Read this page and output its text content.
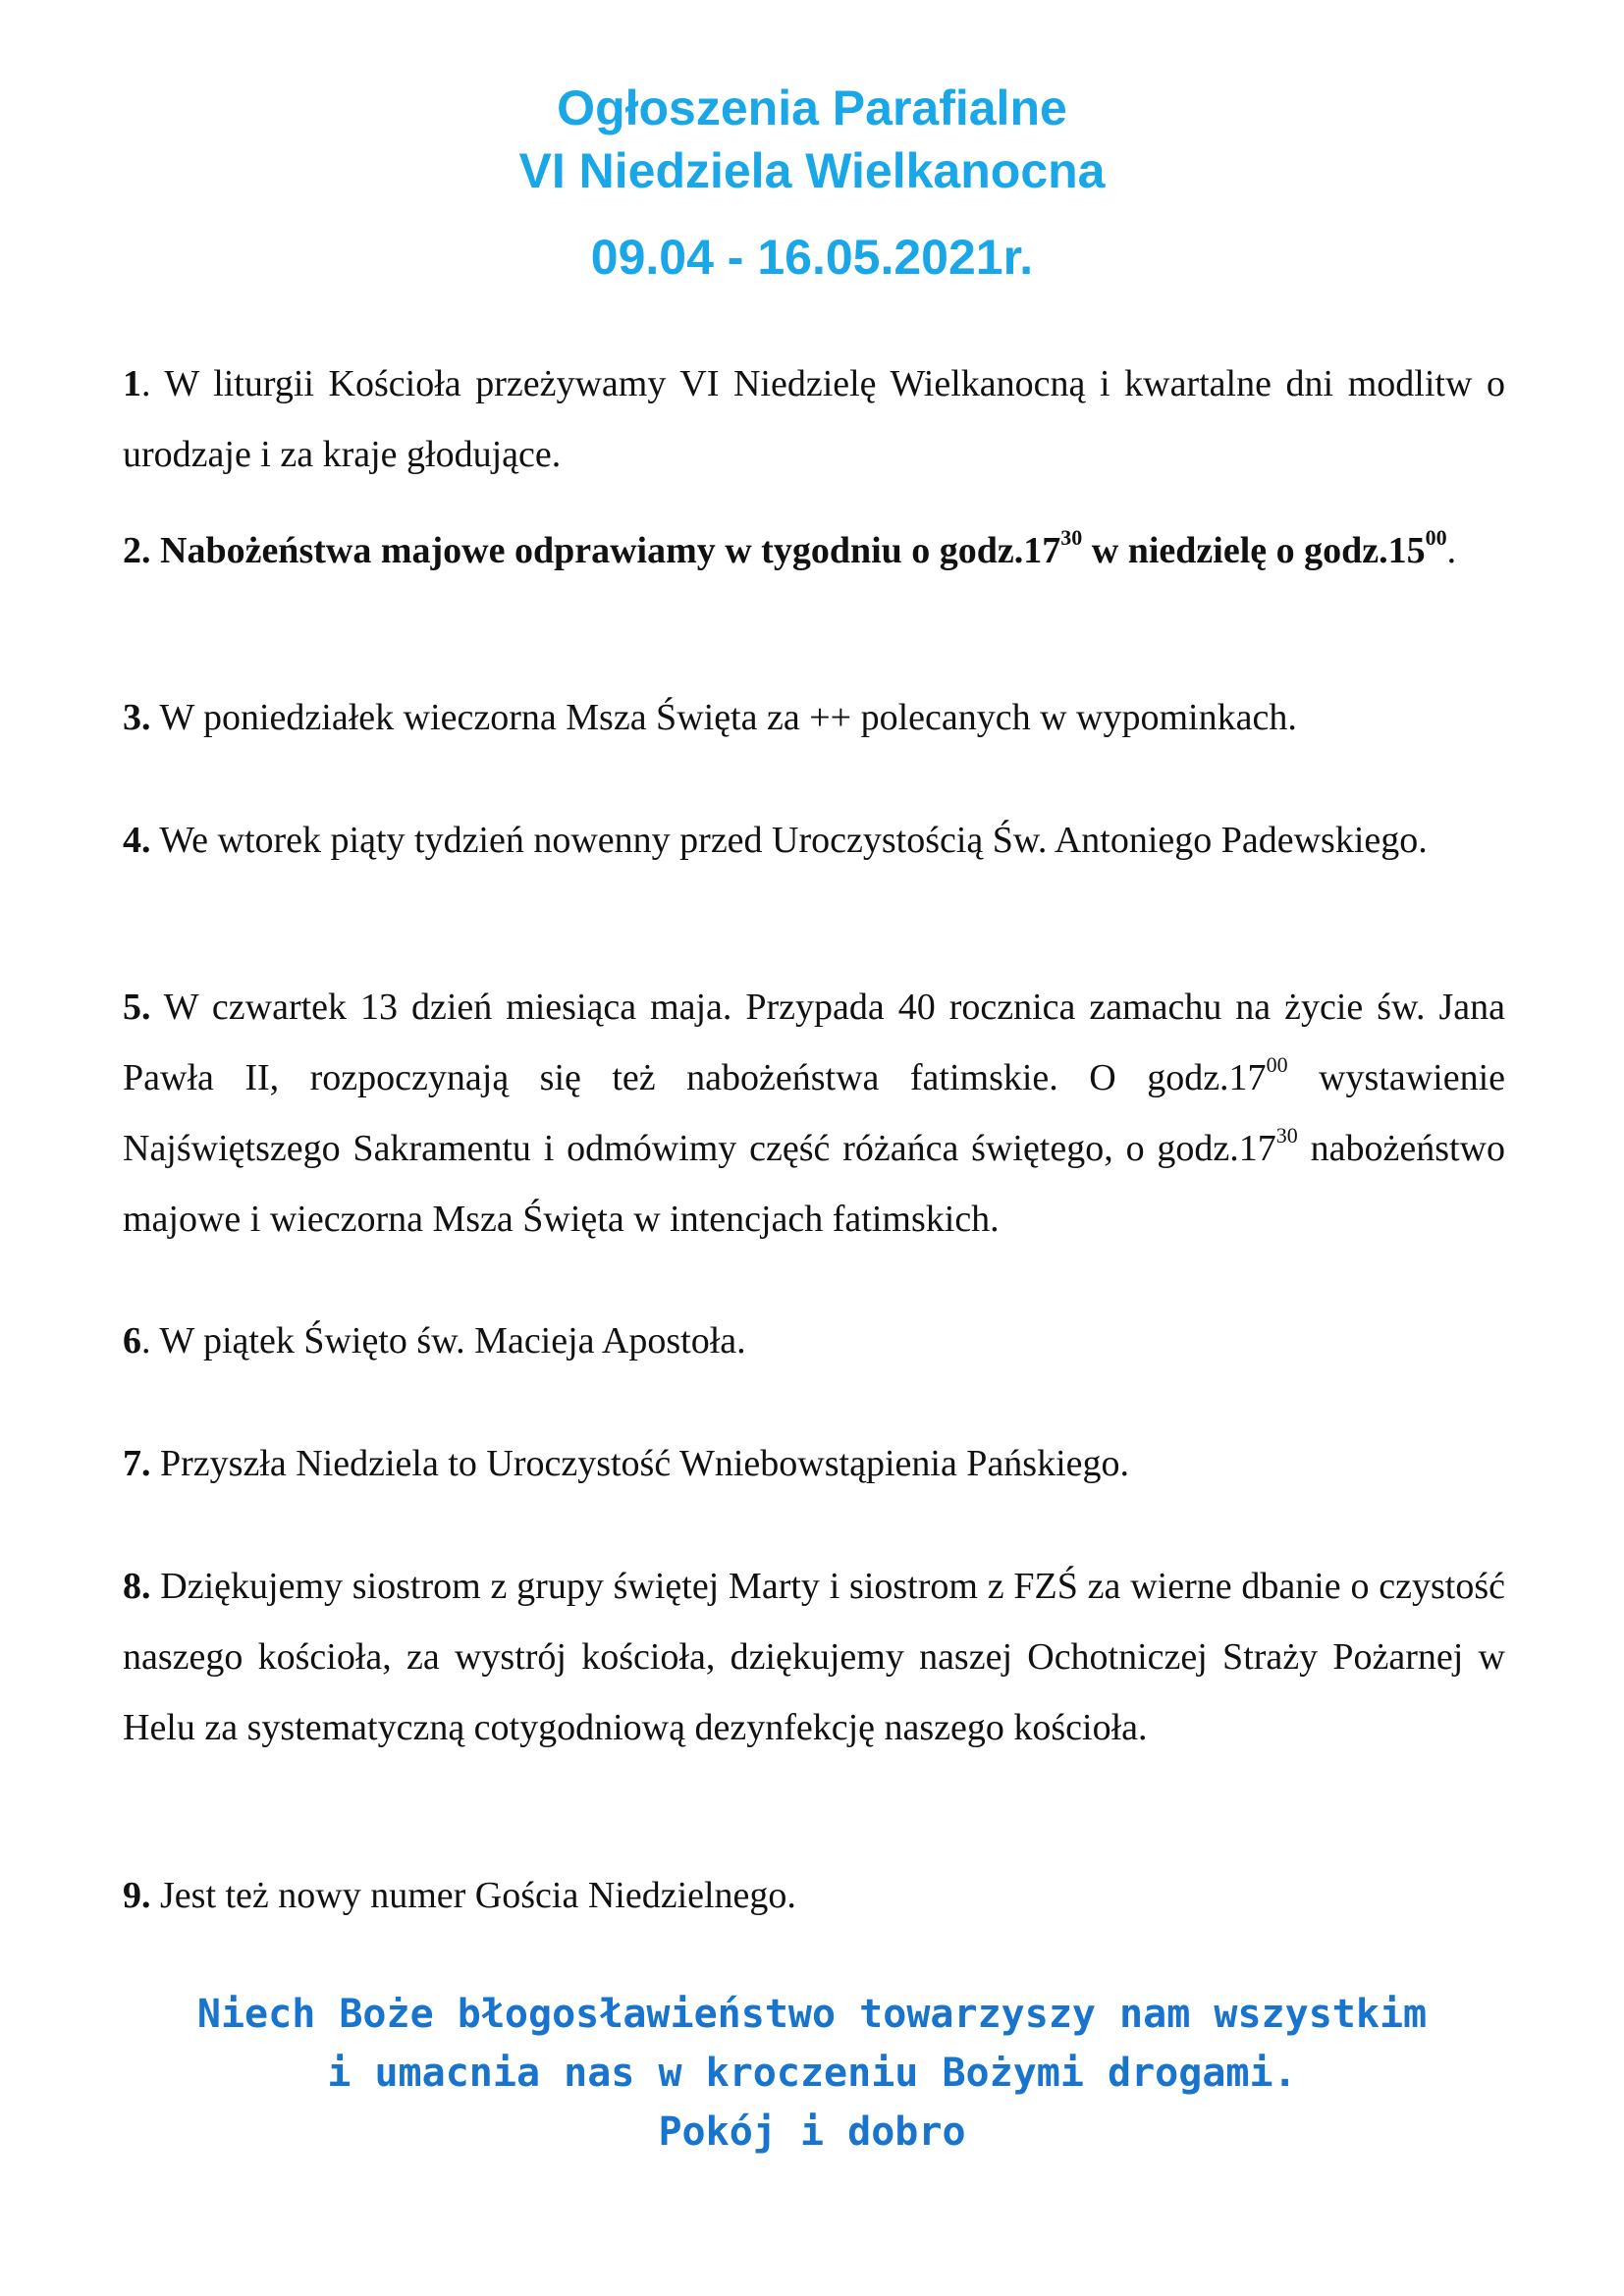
Ogłoszenia Parafialne
VI Niedziela Wielkanocna
09.04 - 16.05.2021r.

1. W liturgii Kościoła przeżywamy VI Niedzielę Wielkanocną i kwartalne dni modlitw o urodzaje i za kraje głodujące.

2. Nabożeństwa majowe odprawiamy w tygodniu o $godz.17^{30}$ w niedzielę o $godz.15^{00}$.

3. W poniedziałek wieczorna Msza Święta za ++ polecanych w wypominkach.

4. We wtorek piąty tydzień nowenny przed Uroczystością Św. Antoniego Padewskiego.

5. W czwartek 13 dzień miesiąca maja. Przypada 40 rocznica zamachu na życie św. Jana Pawła II, rozpoczynają się też nabożeństwa fatimskie. O $godz.17^{00}$ wystawienie Najświętszego Sakramentu i odmówimy część różańca świętego, o $godz.17^{30}$ nabożeństwo majowe i wieczorna Msza Święta w intencjach fatimskich.

6. W piątek Święto św. Macieja Apostoła.

7. Przyszła Niedziela to Uroczystość Wniebowstąpienia Pańskiego.

8. Dziękujemy siostrom z grupy świętej Marty i siostrom z FZŚ za wierne dbanie o czystość naszego kościoła, za wystrój kościoła, dziękujemy naszej Ochotniczej Straży Pożarnej w Helu za systematyczną cotygodniową dezynfekcję naszego kościoła.

9. Jest też nowy numer Gościa Niedzielnego.

Niech Boże błogosławieństwo towarzyszy nam wszystkim
i umacnia nas w kroczeniu Bożymi drogami.
Pokój i dobro
